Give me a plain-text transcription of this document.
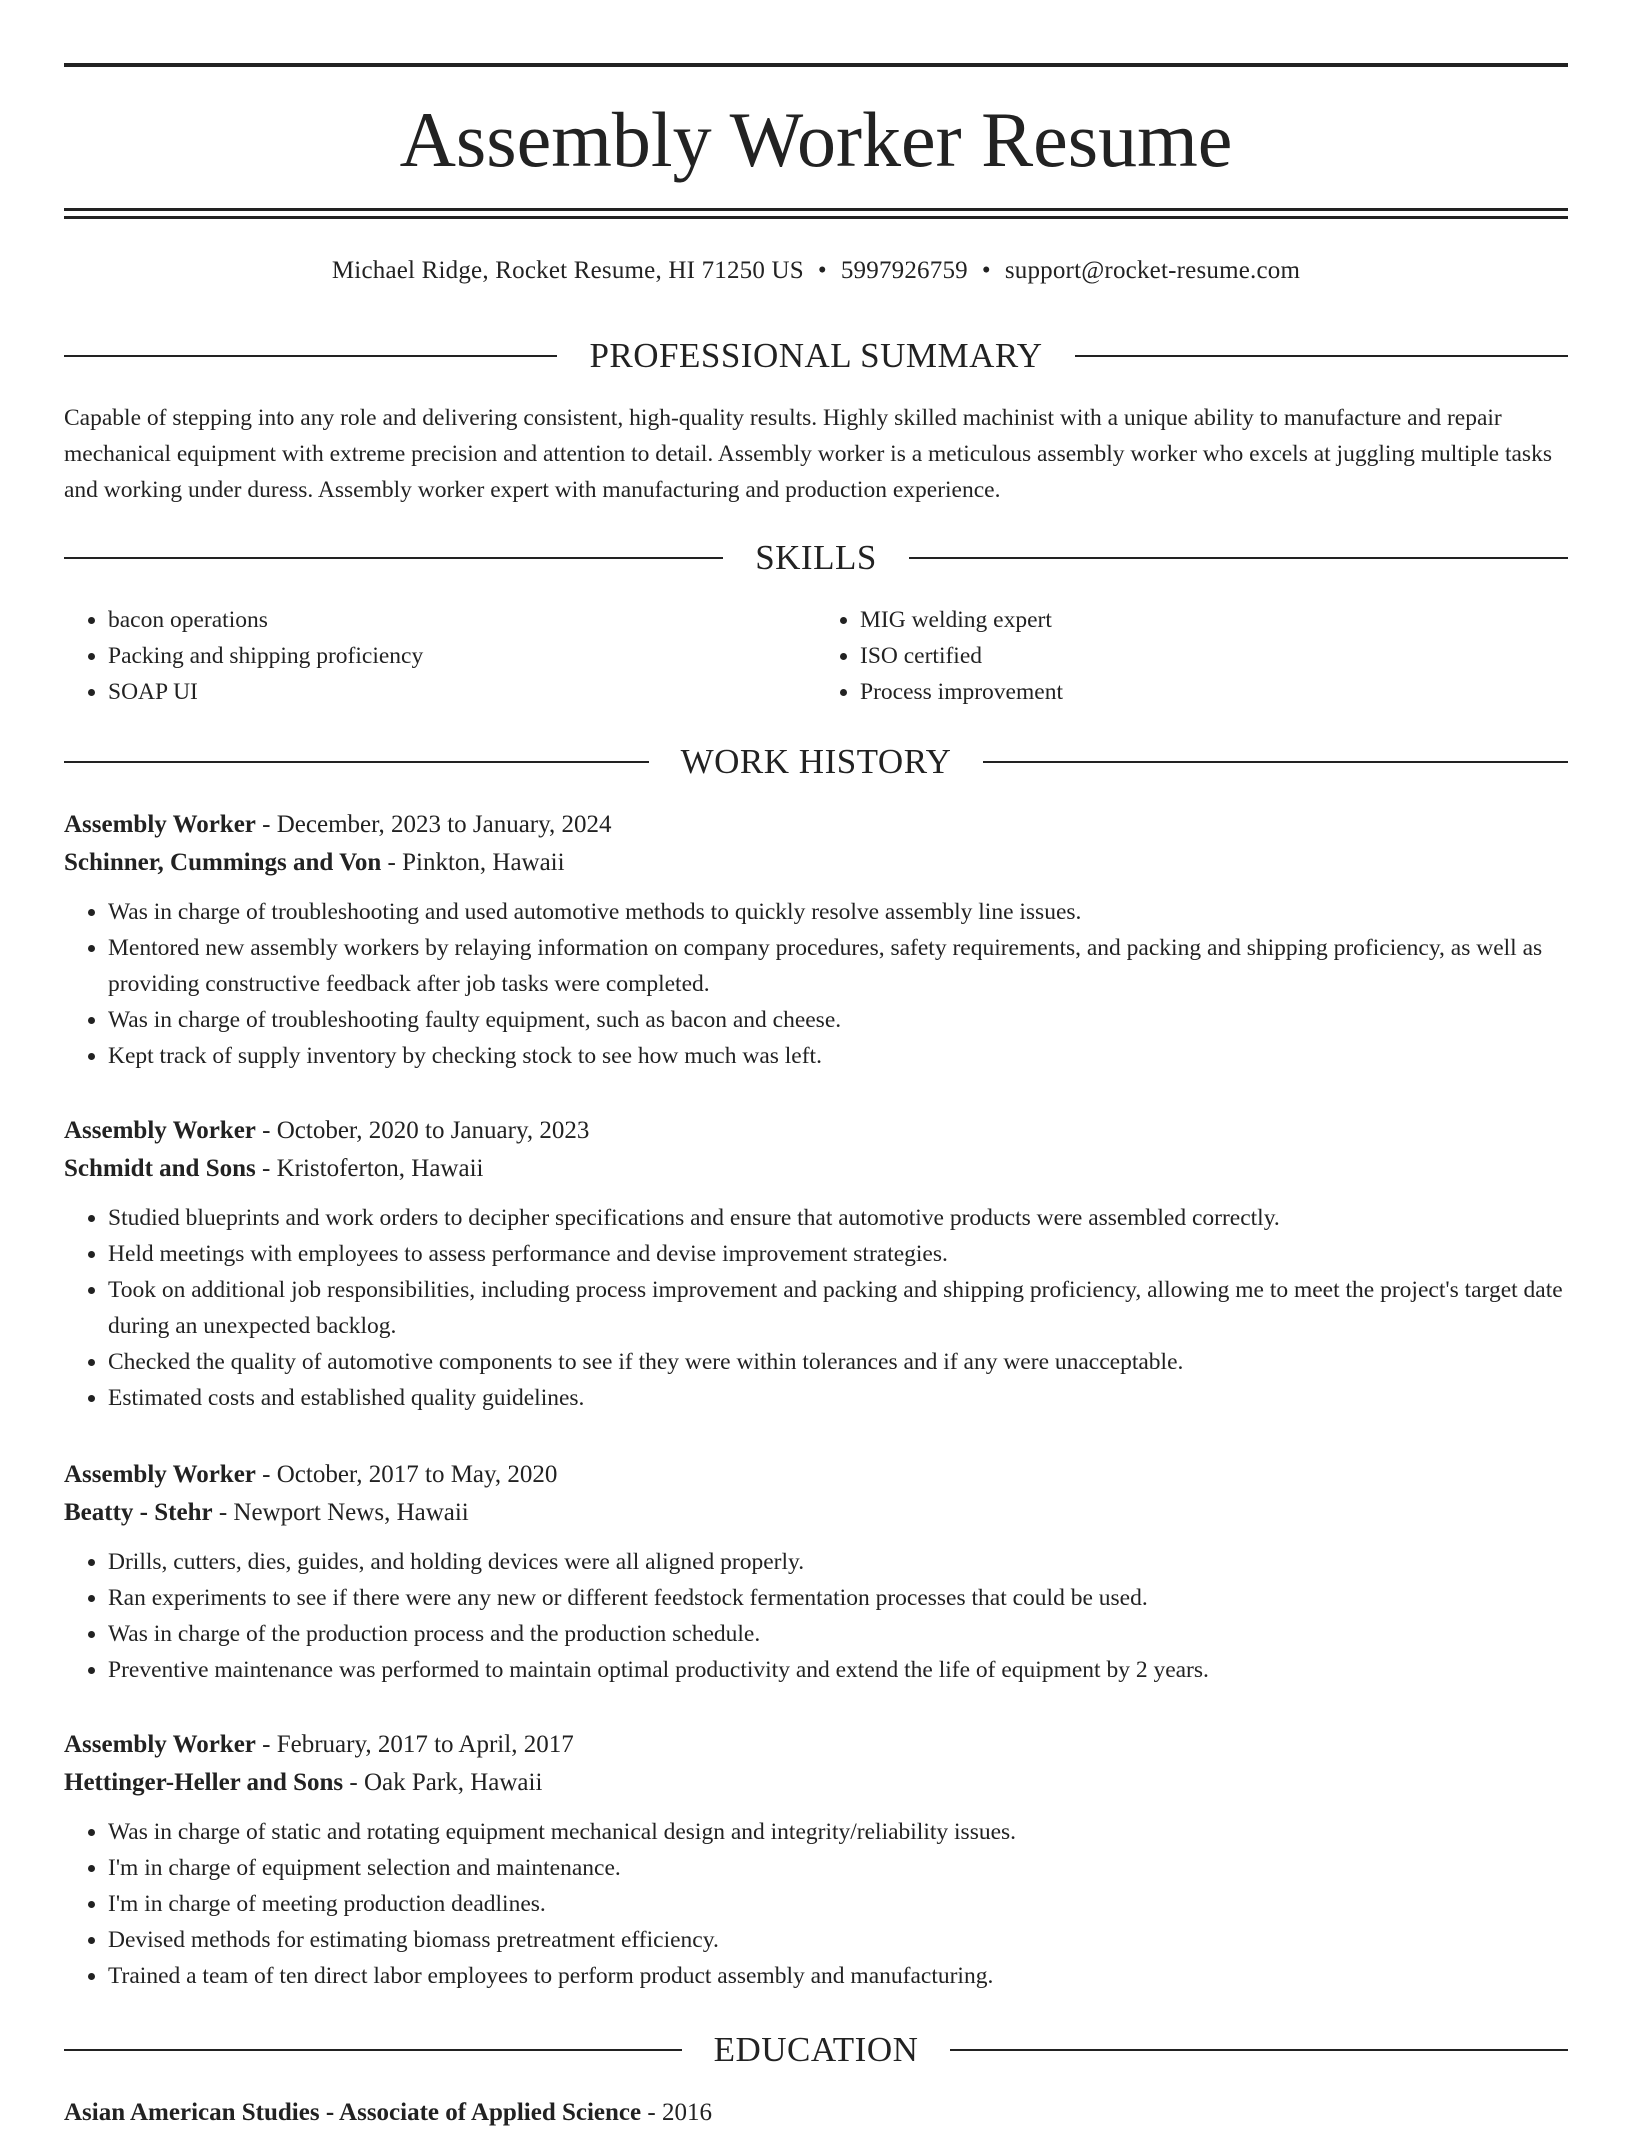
Assembly Worker Resume
Michael Ridge, Rocket Resume, HI 71250 US • 5997926759 • support@rocket-resume.com
PROFESSIONAL SUMMARY

Capable of stepping into any role and delivering consistent, high-quality results. Highly skilled machinist with a unique ability to manufacture and repair mechanical equipment with extreme precision and attention to detail. Assembly worker is a meticulous assembly worker who excels at juggling multiple tasks and working under duress. Assembly worker expert with manufacturing and production experience.

SKILLS
• bacon operations
• Packing and shipping proficiency
• SOAP UI
• MIG welding expert
• ISO certified
• Process improvement
WORK HISTORY
Assembly Worker - December, 2023 to January, 2024
Schinner, Cummings and Von - Pinkton, Hawaii
• Was in charge of troubleshooting and used automotive methods to quickly resolve assembly line issues.
• Mentored new assembly workers by relaying information on company procedures, safety requirements, and packing and shipping proficiency, as well as providing constructive feedback after job tasks were completed.
• Was in charge of troubleshooting faulty equipment, such as bacon and cheese.
• Kept track of supply inventory by checking stock to see how much was left.
Assembly Worker - October, 2020 to January, 2023
Schmidt and Sons - Kristoferton, Hawaii
• Studied blueprints and work orders to decipher specifications and ensure that automotive products were assembled correctly.
• Held meetings with employees to assess performance and devise improvement strategies.
• Took on additional job responsibilities, including process improvement and packing and shipping proficiency, allowing me to meet the project's target date during an unexpected backlog.
• Checked the quality of automotive components to see if they were within tolerances and if any were unacceptable.
• Estimated costs and established quality guidelines.
Assembly Worker - October, 2017 to May, 2020
Beatty - Stehr - Newport News, Hawaii
• Drills, cutters, dies, guides, and holding devices were all aligned properly.
• Ran experiments to see if there were any new or different feedstock fermentation processes that could be used.
• Was in charge of the production process and the production schedule.
• Preventive maintenance was performed to maintain optimal productivity and extend the life of equipment by 2 years.
Assembly Worker - February, 2017 to April, 2017
Hettinger-Heller and Sons - Oak Park, Hawaii
• Was in charge of static and rotating equipment mechanical design and integrity/reliability issues.
• I'm in charge of equipment selection and maintenance.
• I'm in charge of meeting production deadlines.
• Devised methods for estimating biomass pretreatment efficiency.
• Trained a team of ten direct labor employees to perform product assembly and manufacturing.
EDUCATION
Asian American Studies - Associate of Applied Science - 2016
